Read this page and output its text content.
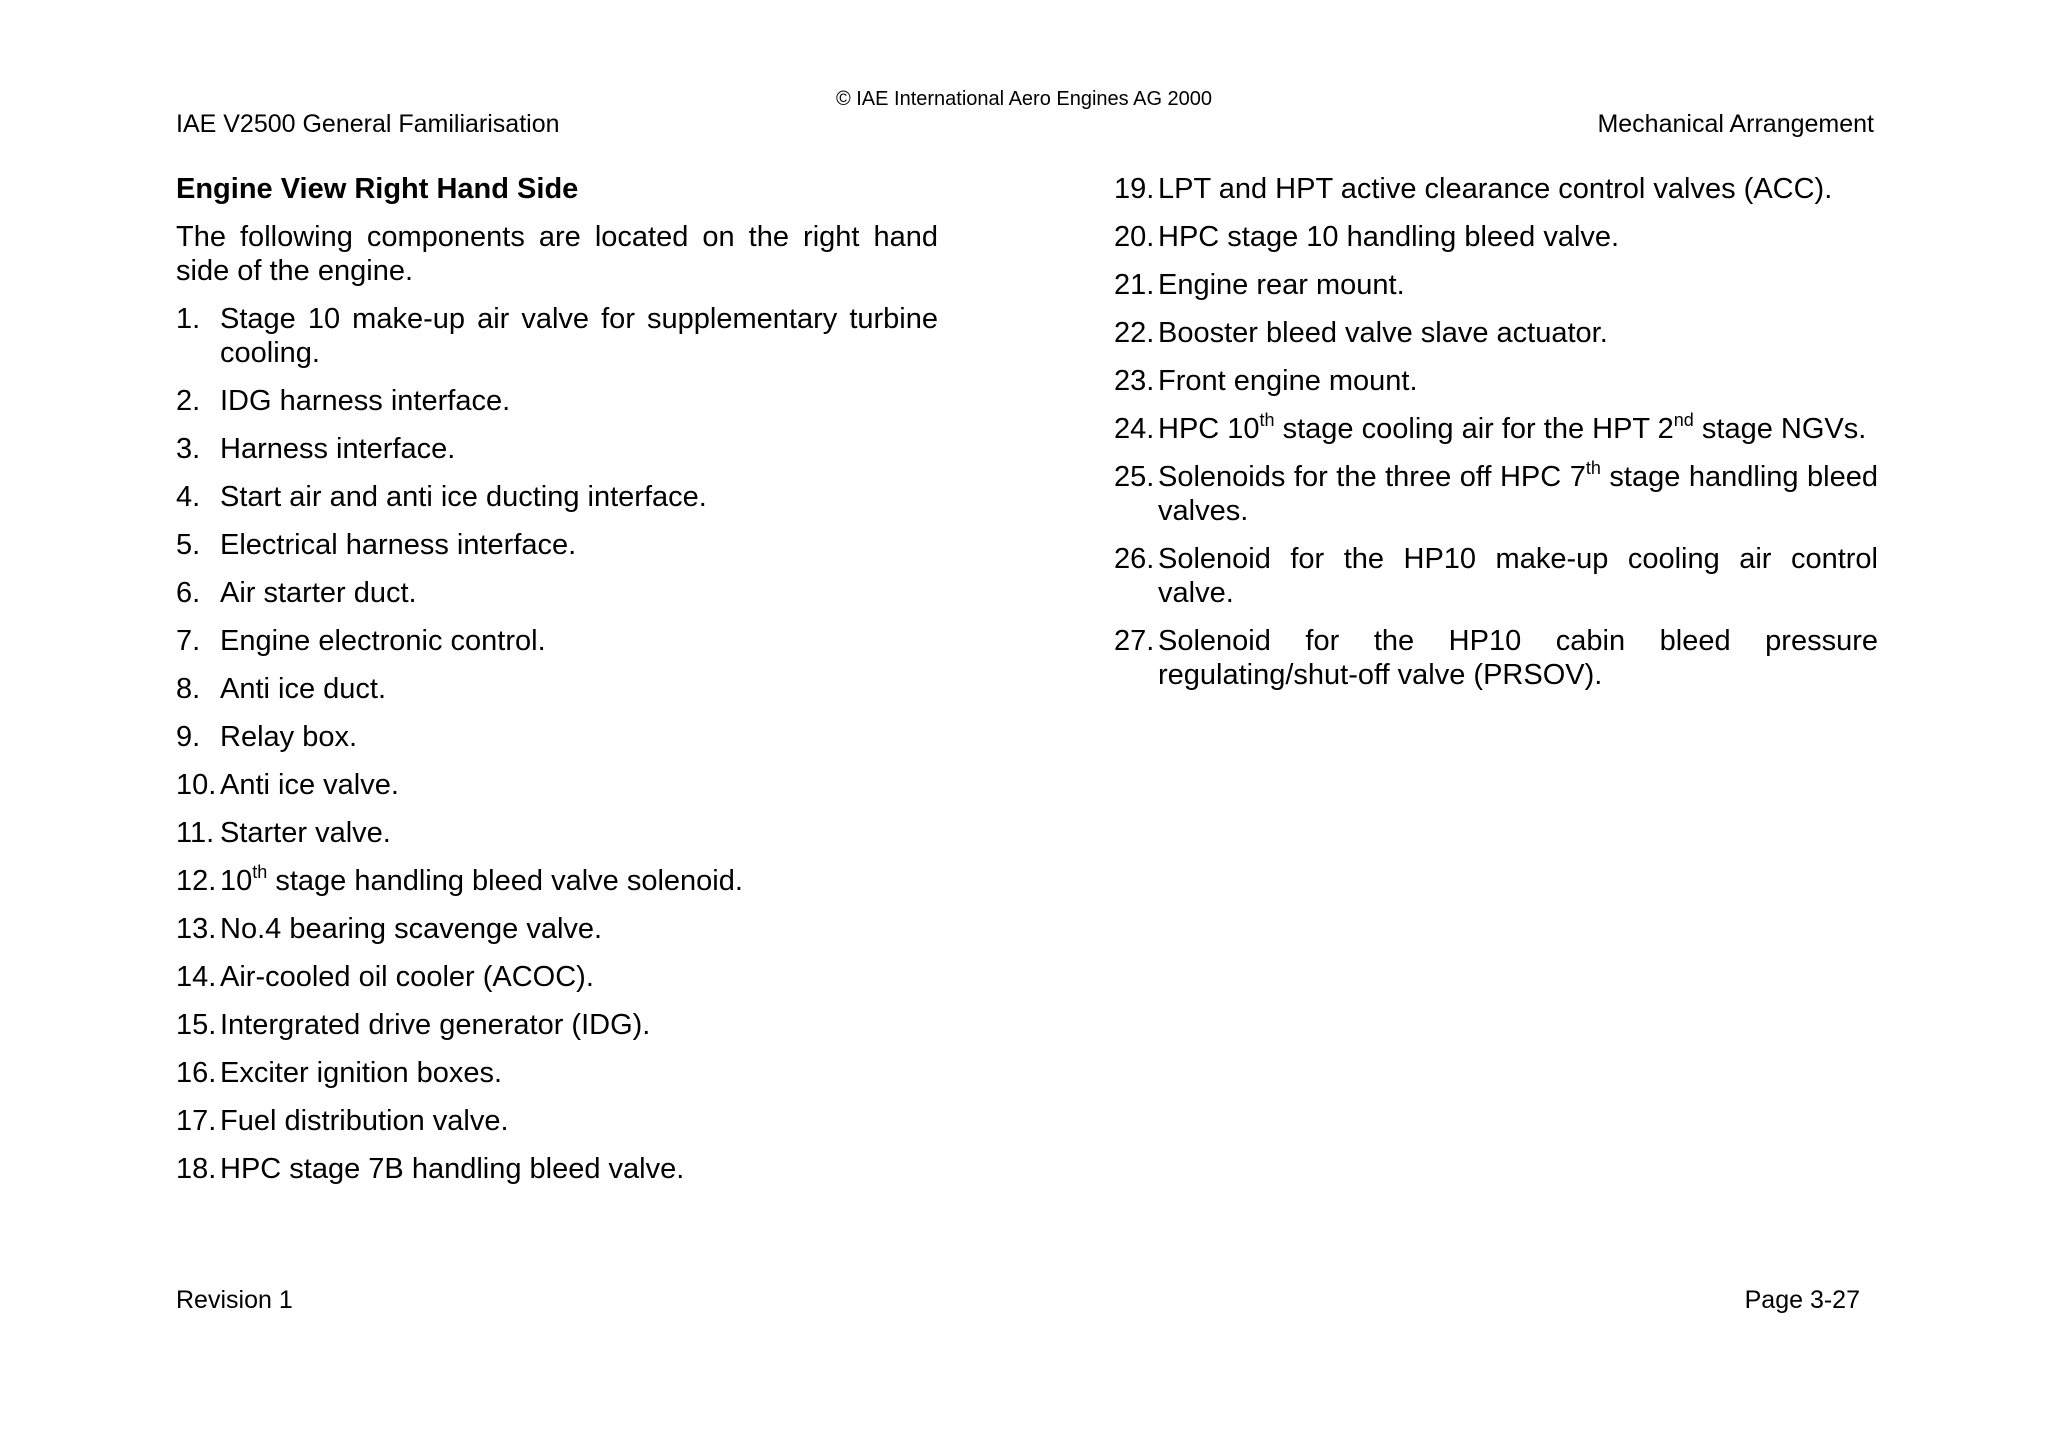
© IAE International Aero Engines AG 2000
IAE V2500 General Familiarisation	Mechanical Arrangement
Engine View Right Hand Side
The following components are located on the right hand side of the engine.
1. Stage 10 make-up air valve for supplementary turbine cooling.
2. IDG harness interface.
3. Harness interface.
4. Start air and anti ice ducting interface.
5. Electrical harness interface.
6. Air starter duct.
7. Engine electronic control.
8. Anti ice duct.
9. Relay box.
10. Anti ice valve.
11. Starter valve.
12. 10th stage handling bleed valve solenoid.
13. No.4 bearing scavenge valve.
14. Air-cooled oil cooler (ACOC).
15. Intergrated drive generator (IDG).
16. Exciter ignition boxes.
17. Fuel distribution valve.
18. HPC stage 7B handling bleed valve.
19. LPT and HPT active clearance control valves (ACC).
20. HPC stage 10 handling bleed valve.
21. Engine rear mount.
22. Booster bleed valve slave actuator.
23. Front engine mount.
24. HPC 10th stage cooling air for the HPT 2nd stage NGVs.
25. Solenoids for the three off HPC 7th stage handling bleed valves.
26. Solenoid for the HP10 make-up cooling air control valve.
27. Solenoid for the HP10 cabin bleed pressure regulating/shut-off valve (PRSOV).
Revision 1	Page 3-27
